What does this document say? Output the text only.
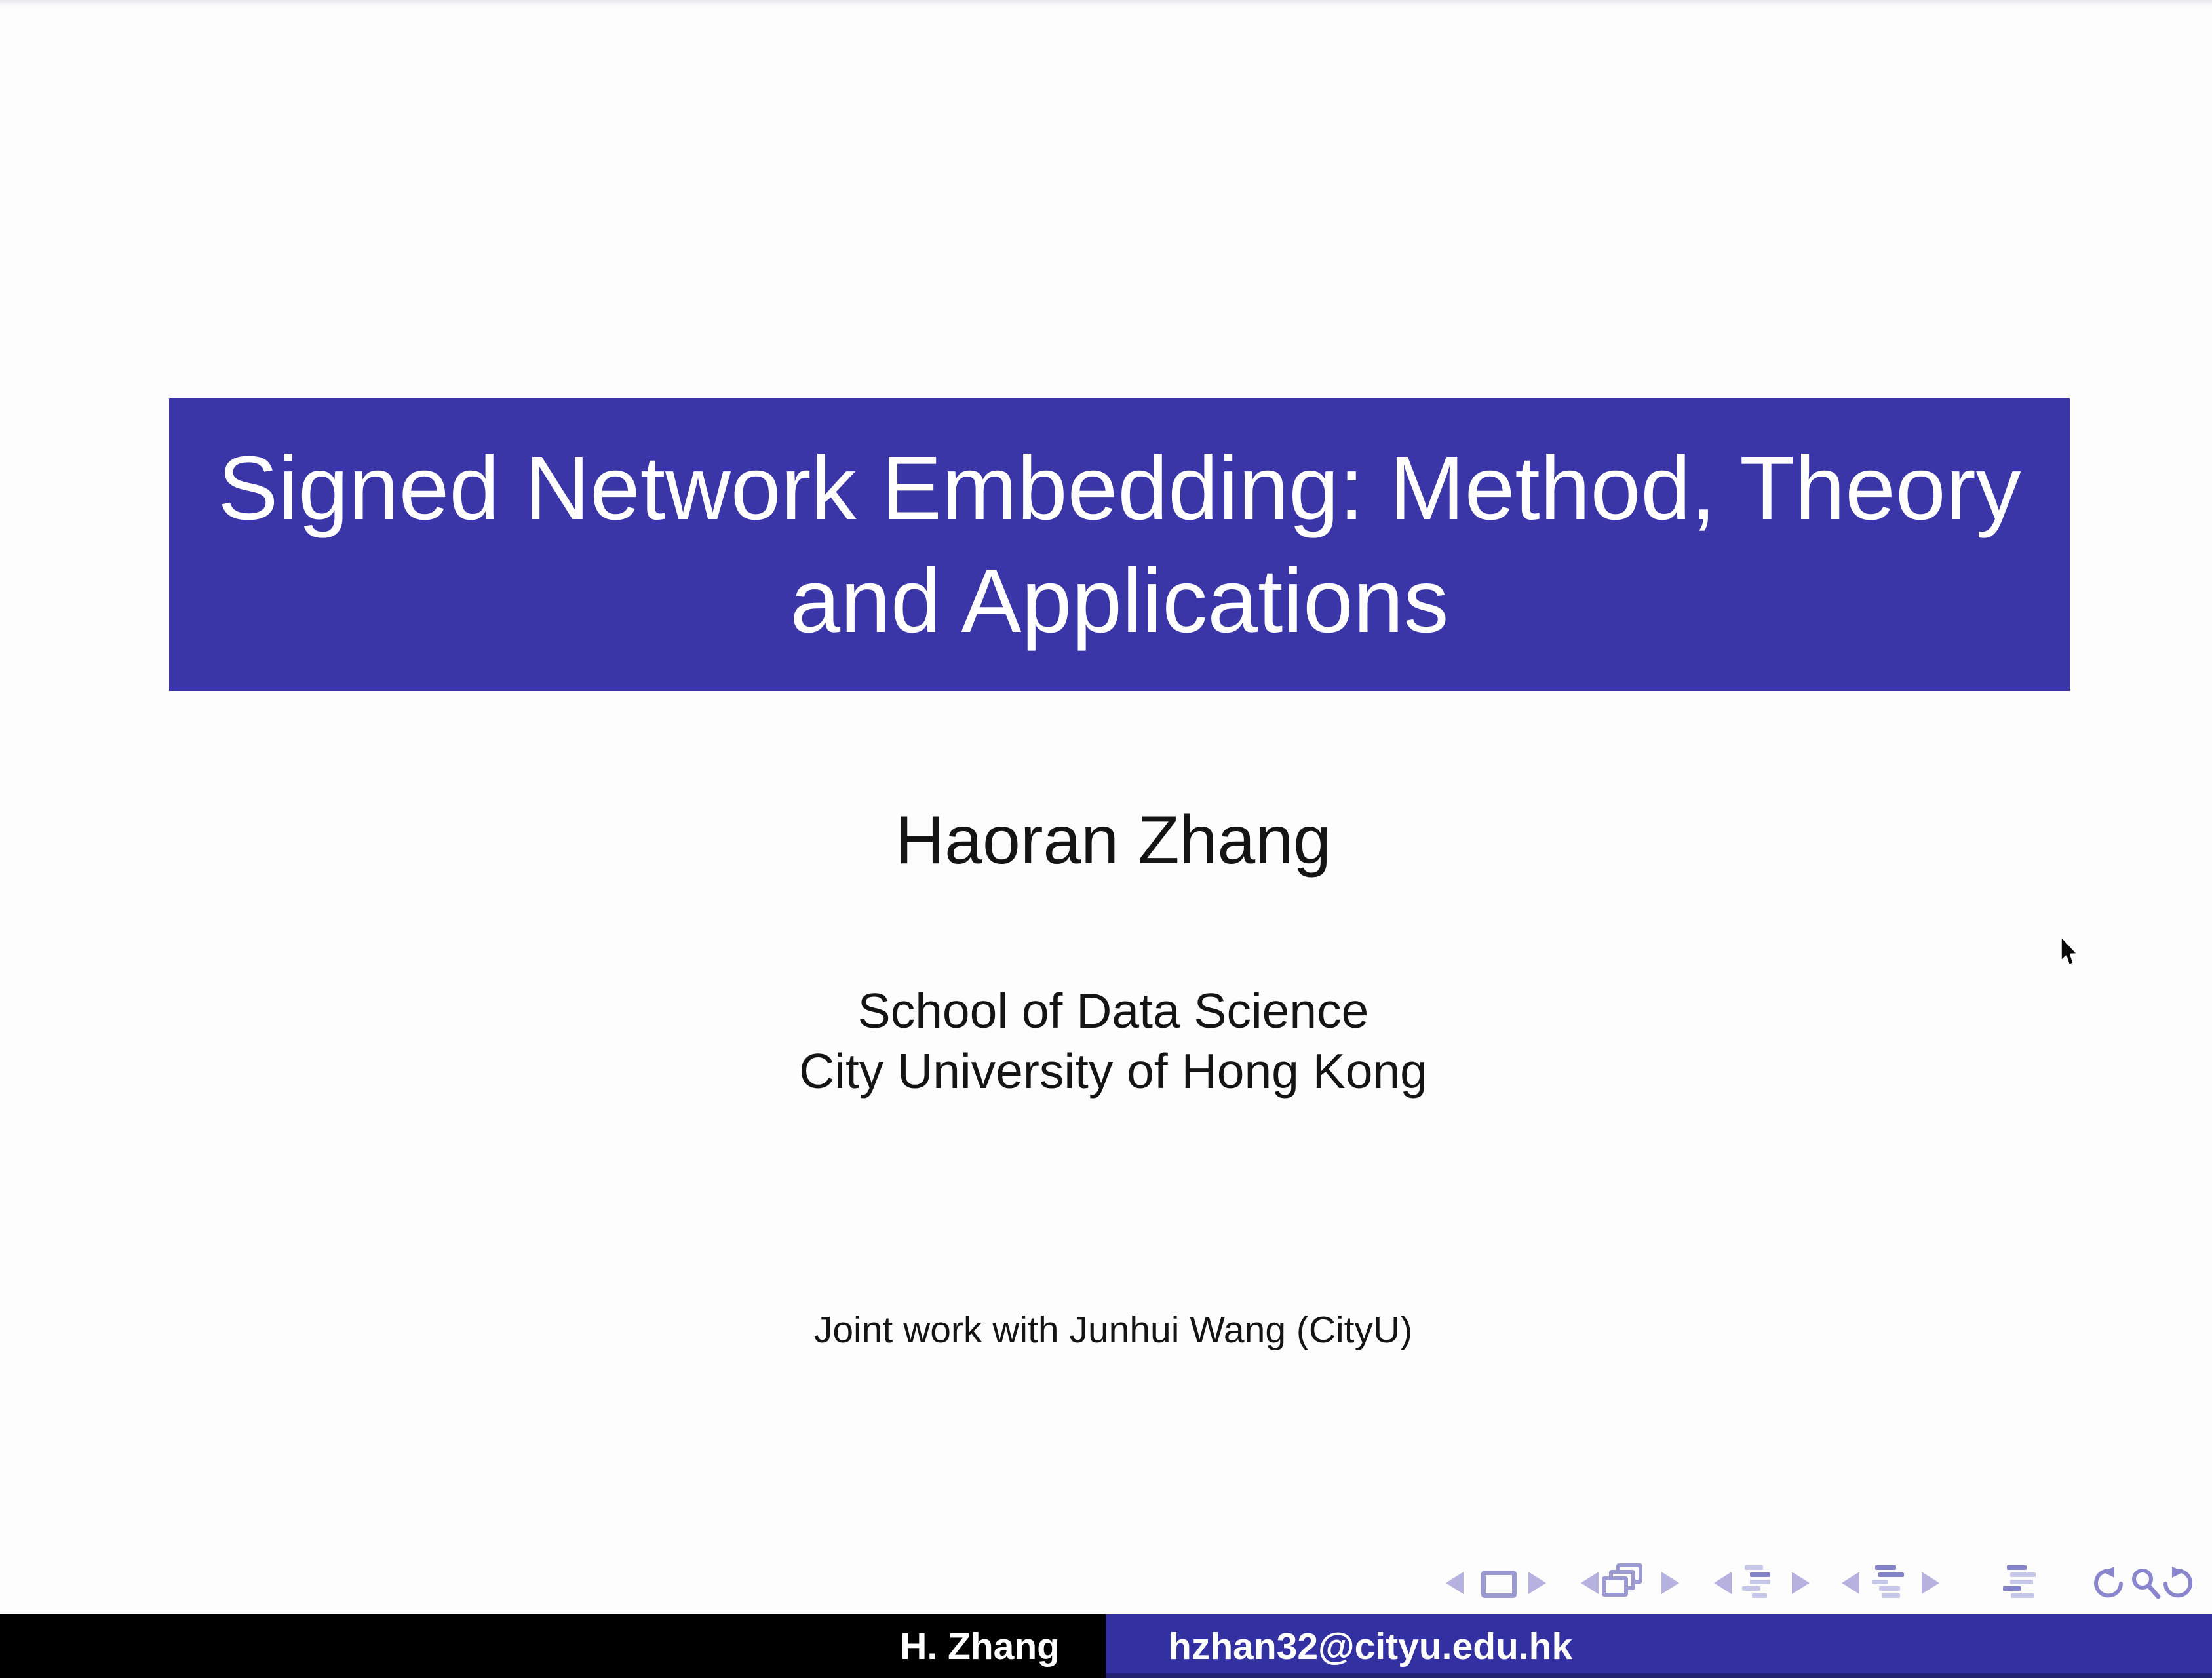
Signed Network Embedding: Method, Theory
and Applications
Haoran Zhang
School of Data Science
City University of Hong Kong
Joint work with Junhui Wang (CityU)
H. Zhang	hzhan32@cityu.edu.hk
